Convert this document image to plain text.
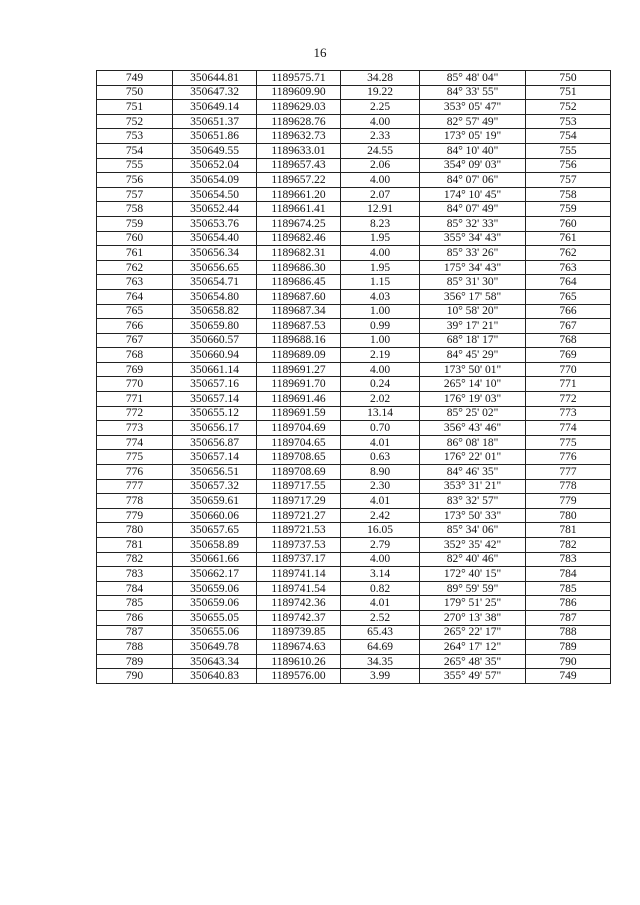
16
749	350644.81	1189575.71	34.28	85° 48' 04"	750
750	350647.32	1189609.90	19.22	84° 33' 55"	751
751	350649.14	1189629.03	2.25	353° 05' 47"	752
752	350651.37	1189628.76	4.00	82° 57' 49"	753
753	350651.86	1189632.73	2.33	173° 05' 19"	754
754	350649.55	1189633.01	24.55	84° 10' 40"	755
755	350652.04	1189657.43	2.06	354° 09' 03"	756
756	350654.09	1189657.22	4.00	84° 07' 06"	757
757	350654.50	1189661.20	2.07	174° 10' 45"	758
758	350652.44	1189661.41	12.91	84° 07' 49"	759
759	350653.76	1189674.25	8.23	85° 32' 33"	760
760	350654.40	1189682.46	1.95	355° 34' 43"	761
761	350656.34	1189682.31	4.00	85° 33' 26"	762
762	350656.65	1189686.30	1.95	175° 34' 43"	763
763	350654.71	1189686.45	1.15	85° 31' 30"	764
764	350654.80	1189687.60	4.03	356° 17' 58"	765
765	350658.82	1189687.34	1.00	10° 58' 20"	766
766	350659.80	1189687.53	0.99	39° 17' 21"	767
767	350660.57	1189688.16	1.00	68° 18' 17"	768
768	350660.94	1189689.09	2.19	84° 45' 29"	769
769	350661.14	1189691.27	4.00	173° 50' 01"	770
770	350657.16	1189691.70	0.24	265° 14' 10"	771
771	350657.14	1189691.46	2.02	176° 19' 03"	772
772	350655.12	1189691.59	13.14	85° 25' 02"	773
773	350656.17	1189704.69	0.70	356° 43' 46"	774
774	350656.87	1189704.65	4.01	86° 08' 18"	775
775	350657.14	1189708.65	0.63	176° 22' 01"	776
776	350656.51	1189708.69	8.90	84° 46' 35"	777
777	350657.32	1189717.55	2.30	353° 31' 21"	778
778	350659.61	1189717.29	4.01	83° 32' 57"	779
779	350660.06	1189721.27	2.42	173° 50' 33"	780
780	350657.65	1189721.53	16.05	85° 34' 06"	781
781	350658.89	1189737.53	2.79	352° 35' 42"	782
782	350661.66	1189737.17	4.00	82° 40' 46"	783
783	350662.17	1189741.14	3.14	172° 40' 15"	784
784	350659.06	1189741.54	0.82	89° 59' 59"	785
785	350659.06	1189742.36	4.01	179° 51' 25"	786
786	350655.05	1189742.37	2.52	270° 13' 38"	787
787	350655.06	1189739.85	65.43	265° 22' 17"	788
788	350649.78	1189674.63	64.69	264° 17' 12"	789
789	350643.34	1189610.26	34.35	265° 48' 35"	790
790	350640.83	1189576.00	3.99	355° 49' 57"	749
